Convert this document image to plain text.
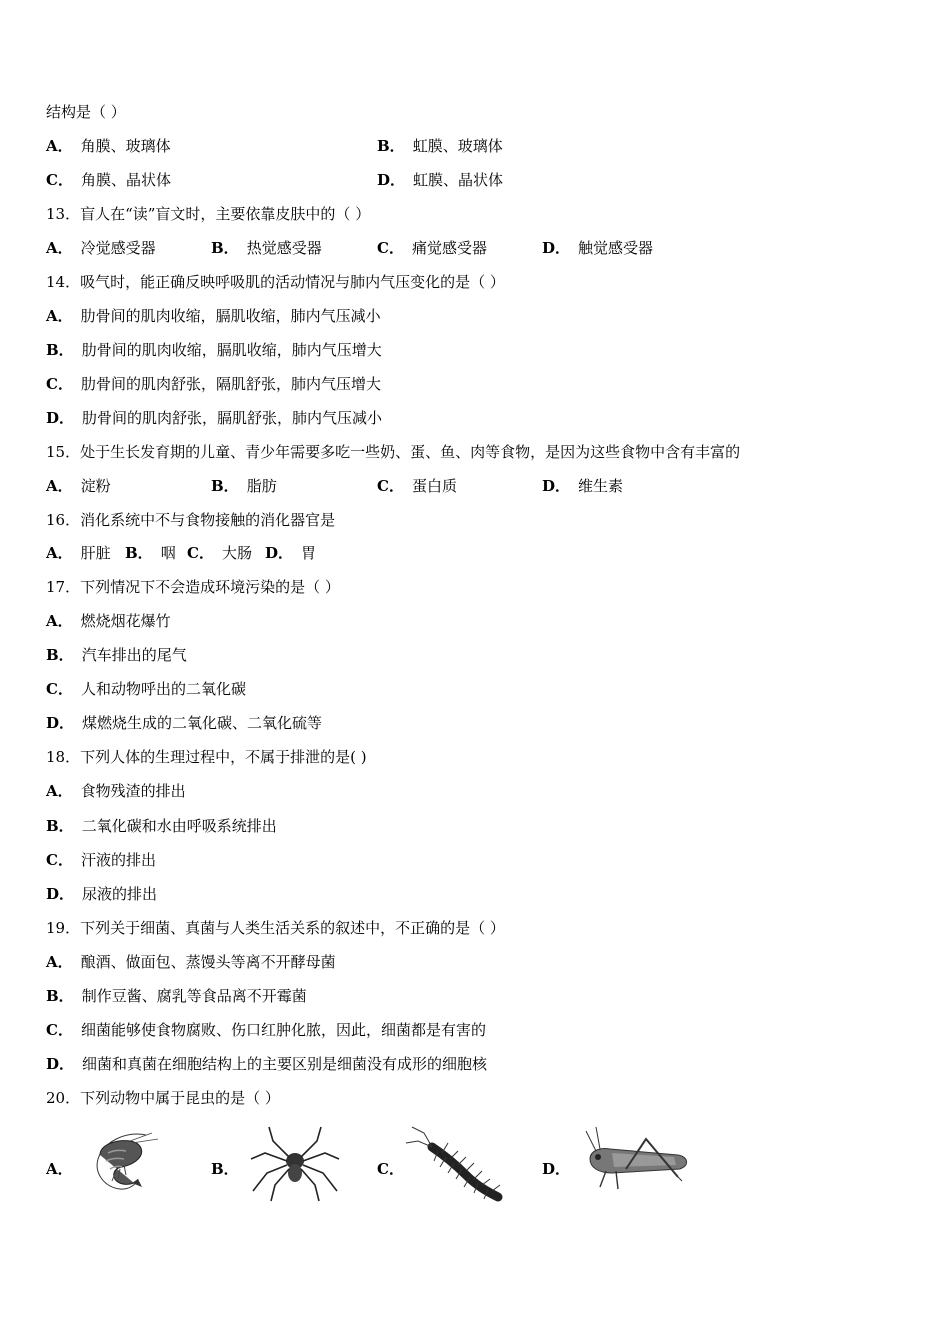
结构是（ ）
A． 角膜、玻璃体	B． 虹膜、玻璃体
C． 角膜、晶状体	D． 虹膜、晶状体
13．盲人在“读”盲文时，主要依靠皮肤中的（ ）
A． 冷觉感受器	B． 热觉感受器	C． 痛觉感受器	D． 触觉感受器
14．吸气时，能正确反映呼吸肌的活动情况与肺内气压变化的是（ ）
A． 肋骨间的肌肉收缩，膈肌收缩，肺内气压减小
B． 肋骨间的肌肉收缩，膈肌收缩，肺内气压增大
C． 肋骨间的肌肉舒张，隔肌舒张，肺内气压增大
D． 肋骨间的肌肉舒张，膈肌舒张，肺内气压减小
15．处于生长发育期的儿童、青少年需要多吃一些奶、蛋、鱼、肉等食物，是因为这些食物中含有丰富的
A． 淀粉	B． 脂肪	C． 蛋白质	D． 维生素
16．消化系统中不与食物接触的消化器官是
A． 肝脏 B． 咽 C． 大肠 D． 胃
17．下列情况下不会造成环境污染的是（ ）
A． 燃烧烟花爆竹
B． 汽车排出的尾气
C． 人和动物呼出的二氧化碳
D． 煤燃烧生成的二氧化碳、二氧化硫等
18．下列人体的生理过程中，不属于排泄的是( )
A． 食物残渣的排出
B． 二氧化碳和水由呼吸系统排出
C． 汗液的排出
D． 尿液的排出
19．下列关于细菌、真菌与人类生活关系的叙述中，不正确的是（ ）
A． 酿酒、做面包、蒸馒头等离不开酵母菌
B． 制作豆酱、腐乳等食品离不开霉菌
C． 细菌能够使食物腐败、伤口红肿化脓，因此，细菌都是有害的
D． 细菌和真菌在细胞结构上的主要区别是细菌没有成形的细胞核
20．下列动物中属于昆虫的是（ ）
A．	B．	C．	D．
